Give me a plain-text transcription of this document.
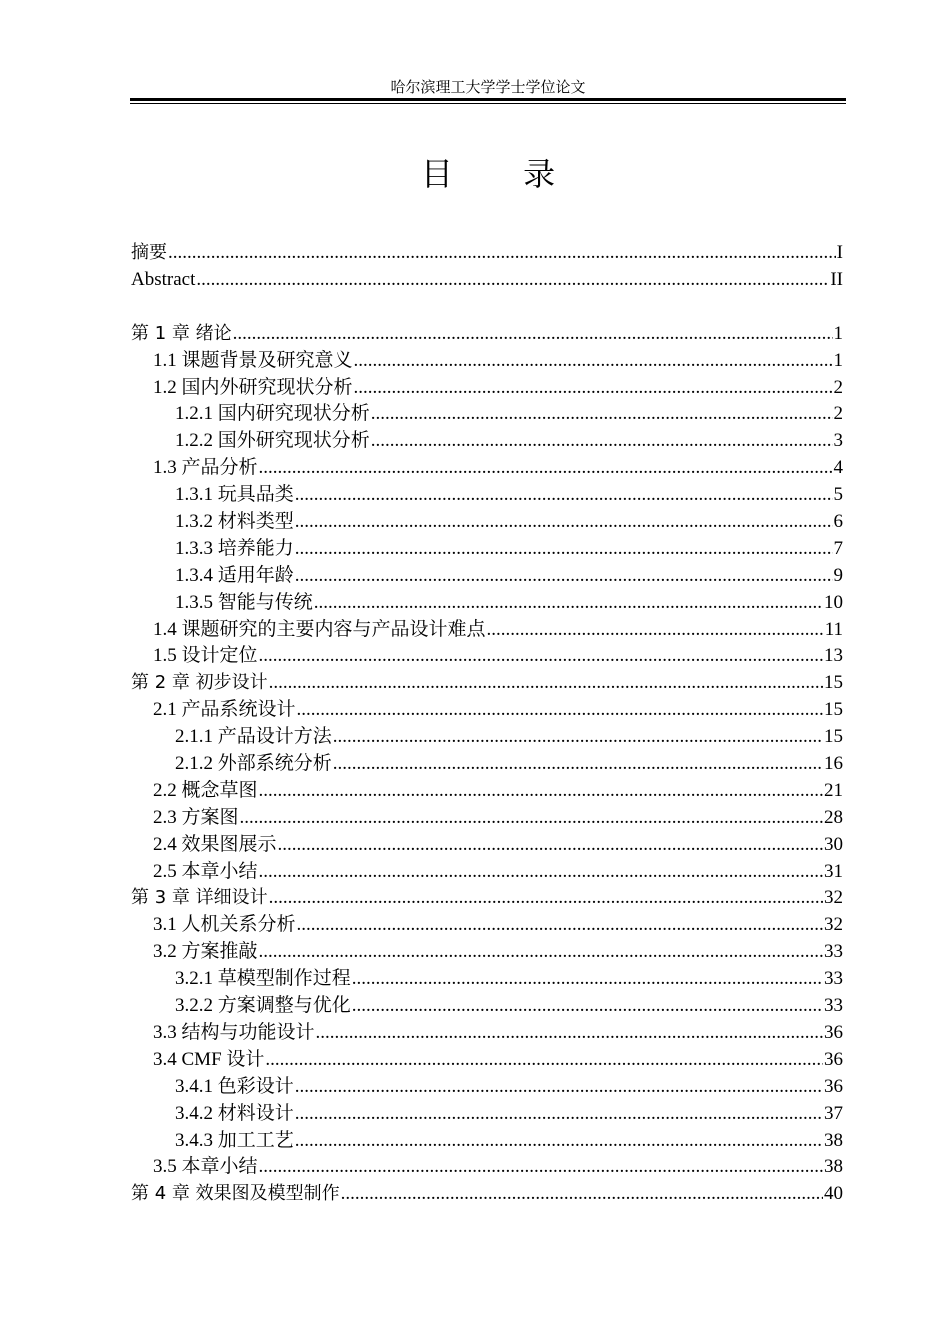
哈尔滨理工大学学士学位论文
目 录
摘要 .....	I
Abstract .....	II
第 1 章 绪论 .....	1
1.1 课题背景及研究意义 .....	1
1.2 国内外研究现状分析 .....	2
1.2.1 国内研究现状分析 .....	2
1.2.2 国外研究现状分析 .....	3
1.3 产品分析 .....	4
1.3.1 玩具品类 .....	5
1.3.2 材料类型 .....	6
1.3.3 培养能力 .....	7
1.3.4 适用年龄 .....	9
1.3.5 智能与传统 .....	10
1.4 课题研究的主要内容与产品设计难点 .....	11
1.5 设计定位 .....	13
第 2 章 初步设计 .....	15
2.1 产品系统设计 .....	15
2.1.1 产品设计方法 .....	15
2.1.2 外部系统分析 .....	16
2.2 概念草图 .....	21
2.3 方案图 .....	28
2.4 效果图展示 .....	30
2.5 本章小结 .....	31
第 3 章 详细设计 .....	32
3.1 人机关系分析 .....	32
3.2 方案推敲 .....	33
3.2.1 草模型制作过程 .....	33
3.2.2 方案调整与优化 .....	33
3.3 结构与功能设计 .....	36
3.4 CMF 设计 .....	36
3.4.1 色彩设计 .....	36
3.4.2 材料设计 .....	37
3.4.3 加工工艺 .....	38
3.5 本章小结 .....	38
第 4 章 效果图及模型制作 .....	40
